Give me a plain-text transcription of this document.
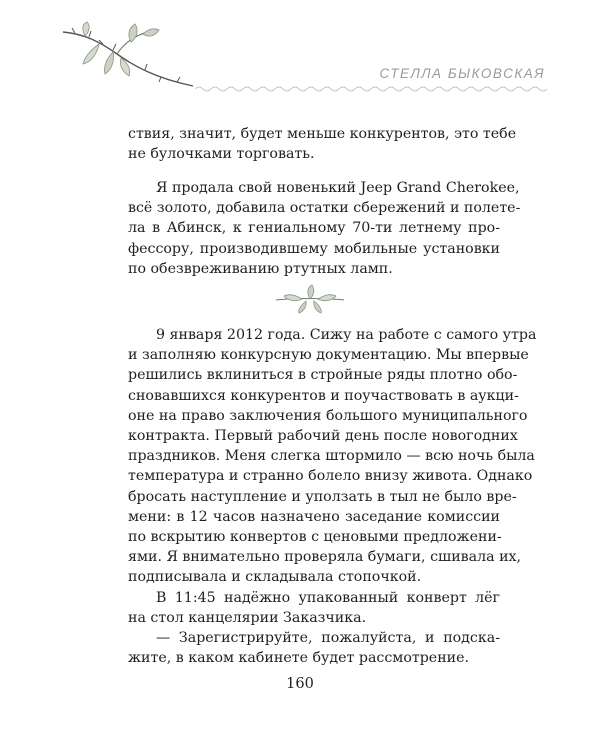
СТЕЛЛА БЫКОВСКАЯ

ствия, значит, будет меньше конкурентов, это тебе
не булочками торговать.

Я продала свой новенький Jeep Grand Cherokee,
всё золото, добавила остатки сбережений и полете-
ла в Абинск, к гениальному 70-ти летнему про-
фессору, производившему мобильные установки
по обезвреживанию ртутных ламп.

9 января 2012 года. Сижу на работе с самого утра
и заполняю конкурсную документацию. Мы впервые
решились вклиниться в стройные ряды плотно обо-
сновавшихся конкурентов и поучаствовать в аукци-
оне на право заключения большого муниципального
контракта. Первый рабочий день после новогодних
праздников. Меня слегка штормило — всю ночь была
температура и странно болело внизу живота. Однако
бросать наступление и уползать в тыл не было вре-
мени: в 12 часов назначено заседание комиссии
по вскрытию конвертов с ценовыми предложени-
ями. Я внимательно проверяла бумаги, сшивала их,
подписывала и складывала стопочкой.

В 11:45 надёжно упакованный конверт лёг
на стол канцелярии Заказчика.

— Зарегистрируйте, пожалуйста, и подска-
жите, в каком кабинете будет рассмотрение.

160
